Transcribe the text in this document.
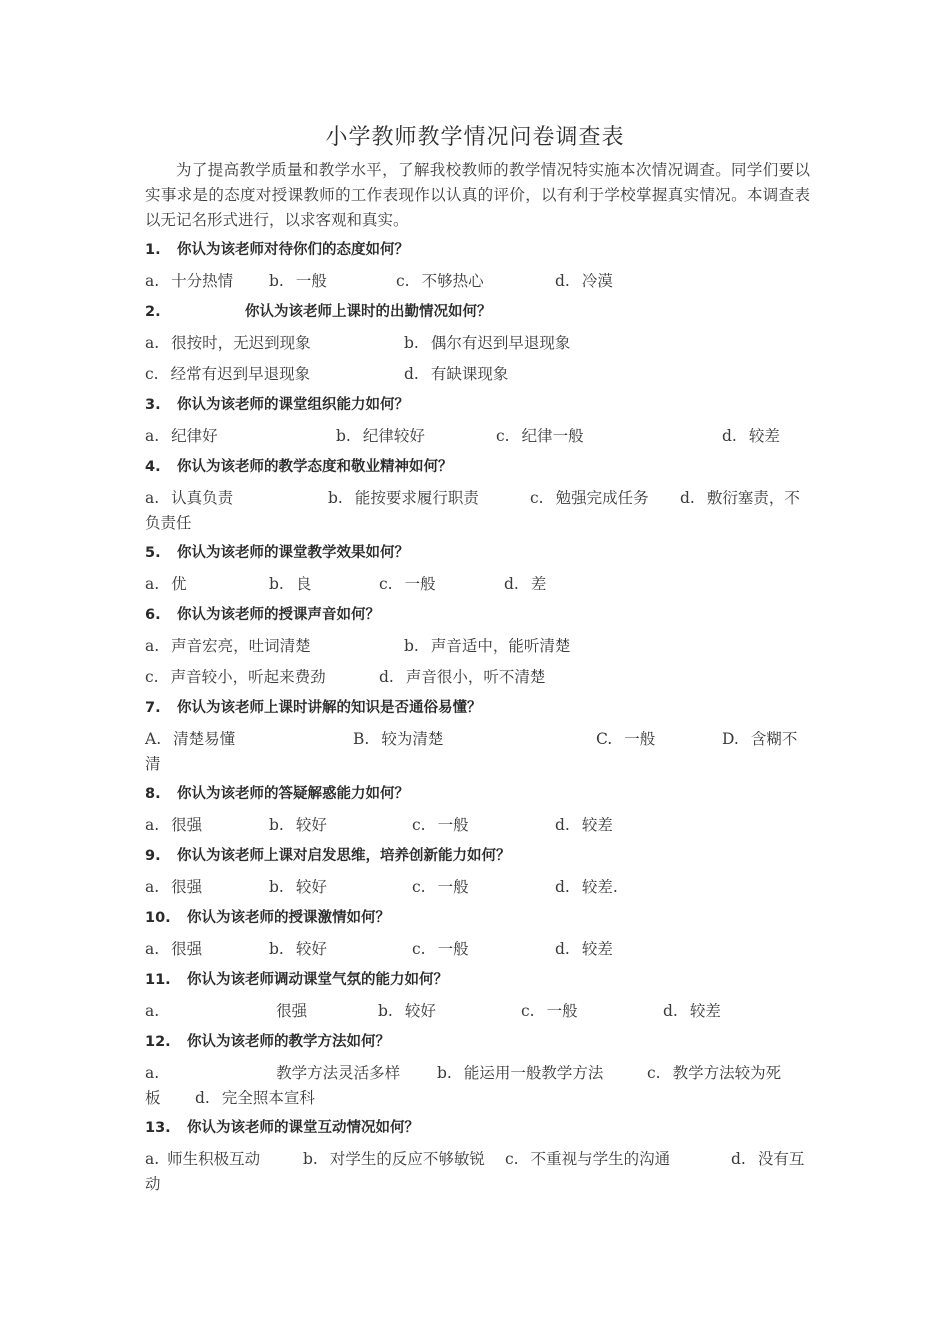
小学教师教学情况问卷调查表
为了提高教学质量和教学水平，了解我校教师的教学情况特实施本次情况调查。同学们要以实事求是的态度对授课教师的工作表现作以认真的评价，以有利于学校掌握真实情况。本调查表以无记名形式进行，以求客观和真实。
1. 你认为该老师对待你们的态度如何？
a. 十分热情 b. 一般	c. 不够热心	d. 冷漠
2.	你认为该老师上课时的出勤情况如何？
a. 很按时，无迟到现象	b. 偶尔有迟到早退现象
c. 经常有迟到早退现象	d. 有缺课现象
3. 你认为该老师的课堂组织能力如何？
a. 纪律好	b. 纪律较好	c. 纪律一般	d. 较差
4. 你认为该老师的教学态度和敬业精神如何？
a. 认真负责	b. 能按要求履行职责	c. 勉强完成任务 d. 敷衍塞责，不
负责任
5. 你认为该老师的课堂教学效果如何？
a. 优	b. 良	c. 一般	d. 差
6. 你认为该老师的授课声音如何？
a. 声音宏亮，吐词清楚	b. 声音适中，能听清楚
c. 声音较小，听起来费劲	d. 声音很小，听不清楚
7. 你认为该老师上课时讲解的知识是否通俗易懂？
A. 清楚易懂	B. 较为清楚	C. 一般	D. 含糊不
清
8. 你认为该老师的答疑解惑能力如何？
a. 很强	b. 较好	c. 一般	d. 较差
9. 你认为该老师上课对启发思维，培养创新能力如何？
a. 很强	b. 较好	c. 一般	d. 较差.
10. 你认为该老师的授课激情如何？
a. 很强	b. 较好	c. 一般	d. 较差
11. 你认为该老师调动课堂气氛的能力如何？
a.	很强	b. 较好	c. 一般	d. 较差
12. 你认为该老师的教学方法如何？
a.	教学方法灵活多样 b. 能运用一般教学方法	c. 教学方法较为死
板 d. 完全照本宣科
13. 你认为该老师的课堂互动情况如何？
a. 师生积极互动	b. 对学生的反应不够敏锐 c. 不重视与学生的沟通	d. 没有互
动
